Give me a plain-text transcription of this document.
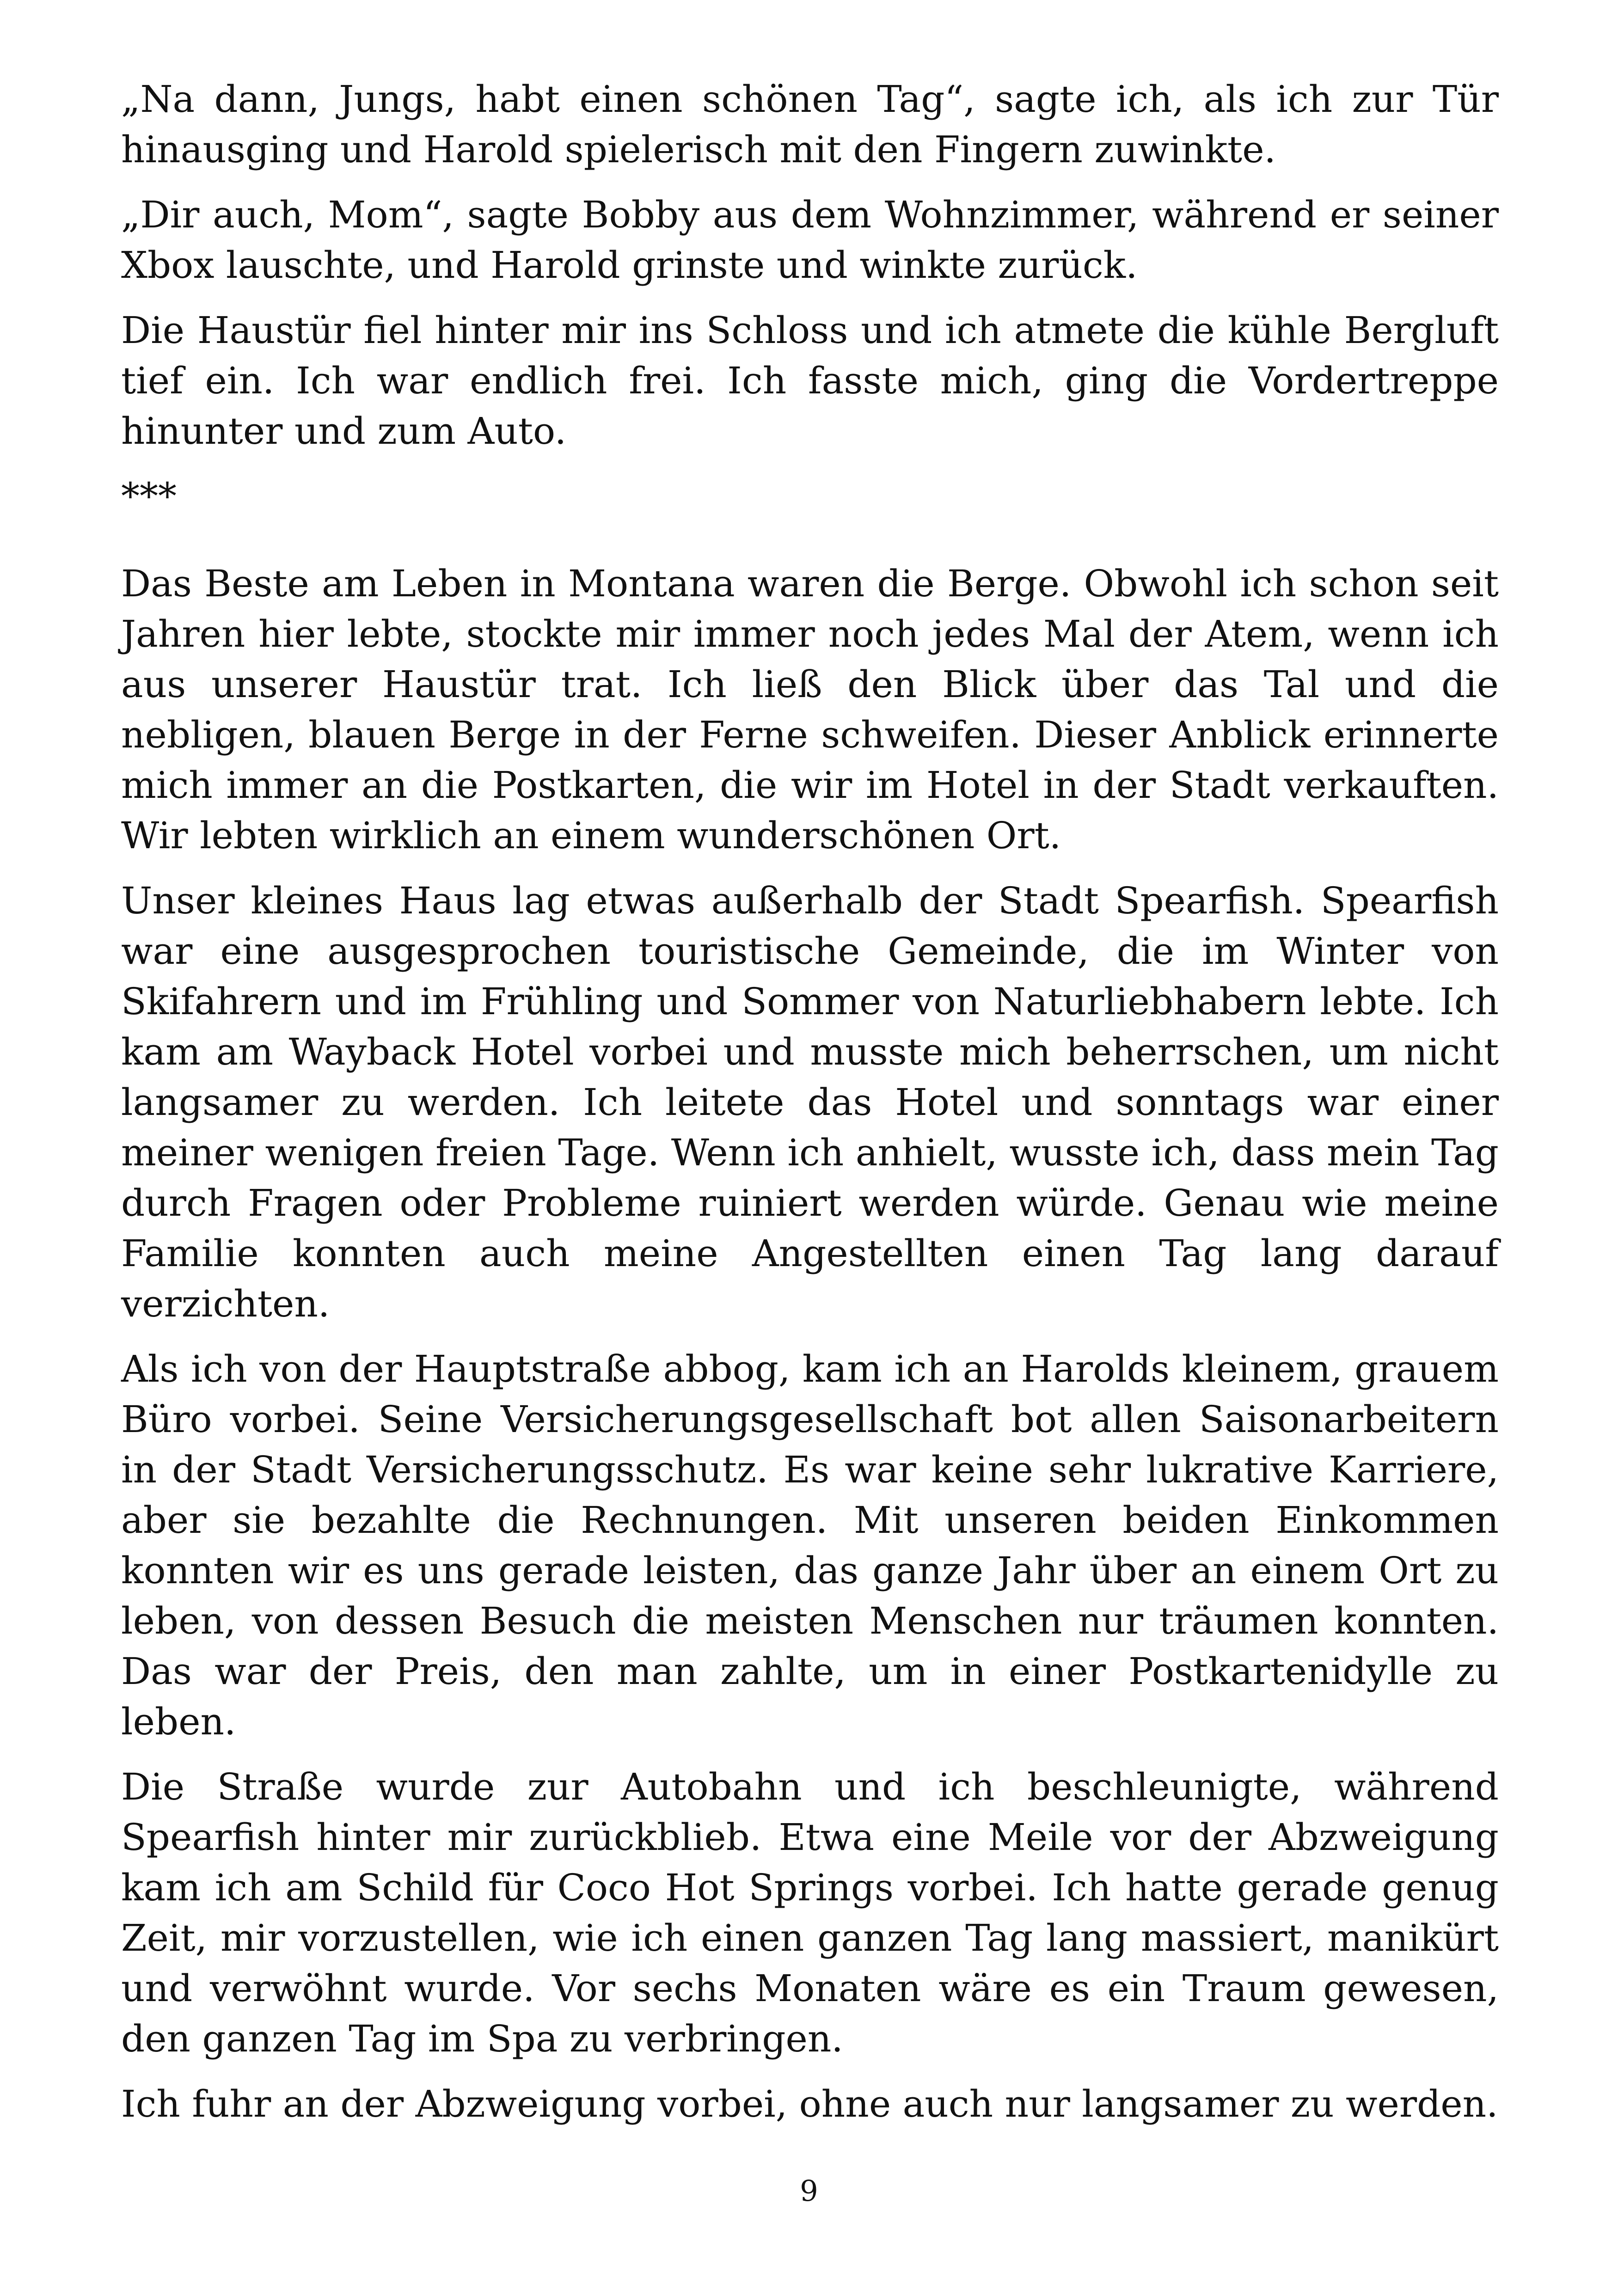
„Na dann, Jungs, habt einen schönen Tag“, sagte ich, als ich zur Tür hinausging und Harold spielerisch mit den Fingern zuwinkte.

„Dir auch, Mom“, sagte Bobby aus dem Wohnzimmer, während er seiner Xbox lauschte, und Harold grinste und winkte zurück.

Die Haustür fiel hinter mir ins Schloss und ich atmete die kühle Bergluft tief ein. Ich war endlich frei. Ich fasste mich, ging die Vordertreppe hinunter und zum Auto.

***

Das Beste am Leben in Montana waren die Berge. Obwohl ich schon seit Jahren hier lebte, stockte mir immer noch jedes Mal der Atem, wenn ich aus unserer Haustür trat. Ich ließ den Blick über das Tal und die nebligen, blauen Berge in der Ferne schweifen. Dieser Anblick erinnerte mich immer an die Postkarten, die wir im Hotel in der Stadt verkauften. Wir lebten wirklich an einem wunderschönen Ort.

Unser kleines Haus lag etwas außerhalb der Stadt Spearfish. Spearfish war eine ausgesprochen touristische Gemeinde, die im Winter von Skifahrern und im Frühling und Sommer von Naturliebhabern lebte. Ich kam am Wayback Hotel vorbei und musste mich beherrschen, um nicht langsamer zu werden. Ich leitete das Hotel und sonntags war einer meiner wenigen freien Tage. Wenn ich anhielt, wusste ich, dass mein Tag durch Fragen oder Probleme ruiniert werden würde. Genau wie meine Familie konnten auch meine Angestellten einen Tag lang darauf verzichten.

Als ich von der Hauptstraße abbog, kam ich an Harolds kleinem, grauem Büro vorbei. Seine Versicherungsgesellschaft bot allen Saisonarbeitern in der Stadt Versicherungsschutz. Es war keine sehr lukrative Karriere, aber sie bezahlte die Rechnungen. Mit unseren beiden Einkommen konnten wir es uns gerade leisten, das ganze Jahr über an einem Ort zu leben, von dessen Besuch die meisten Menschen nur träumen konnten. Das war der Preis, den man zahlte, um in einer Postkartenidylle zu leben.

Die Straße wurde zur Autobahn und ich beschleunigte, während Spearfish hinter mir zurückblieb. Etwa eine Meile vor der Abzweigung kam ich am Schild für Coco Hot Springs vorbei. Ich hatte gerade genug Zeit, mir vorzustellen, wie ich einen ganzen Tag lang massiert, manikürt und verwöhnt wurde. Vor sechs Monaten wäre es ein Traum gewesen, den ganzen Tag im Spa zu verbringen.

Ich fuhr an der Abzweigung vorbei, ohne auch nur langsamer zu werden.

9
